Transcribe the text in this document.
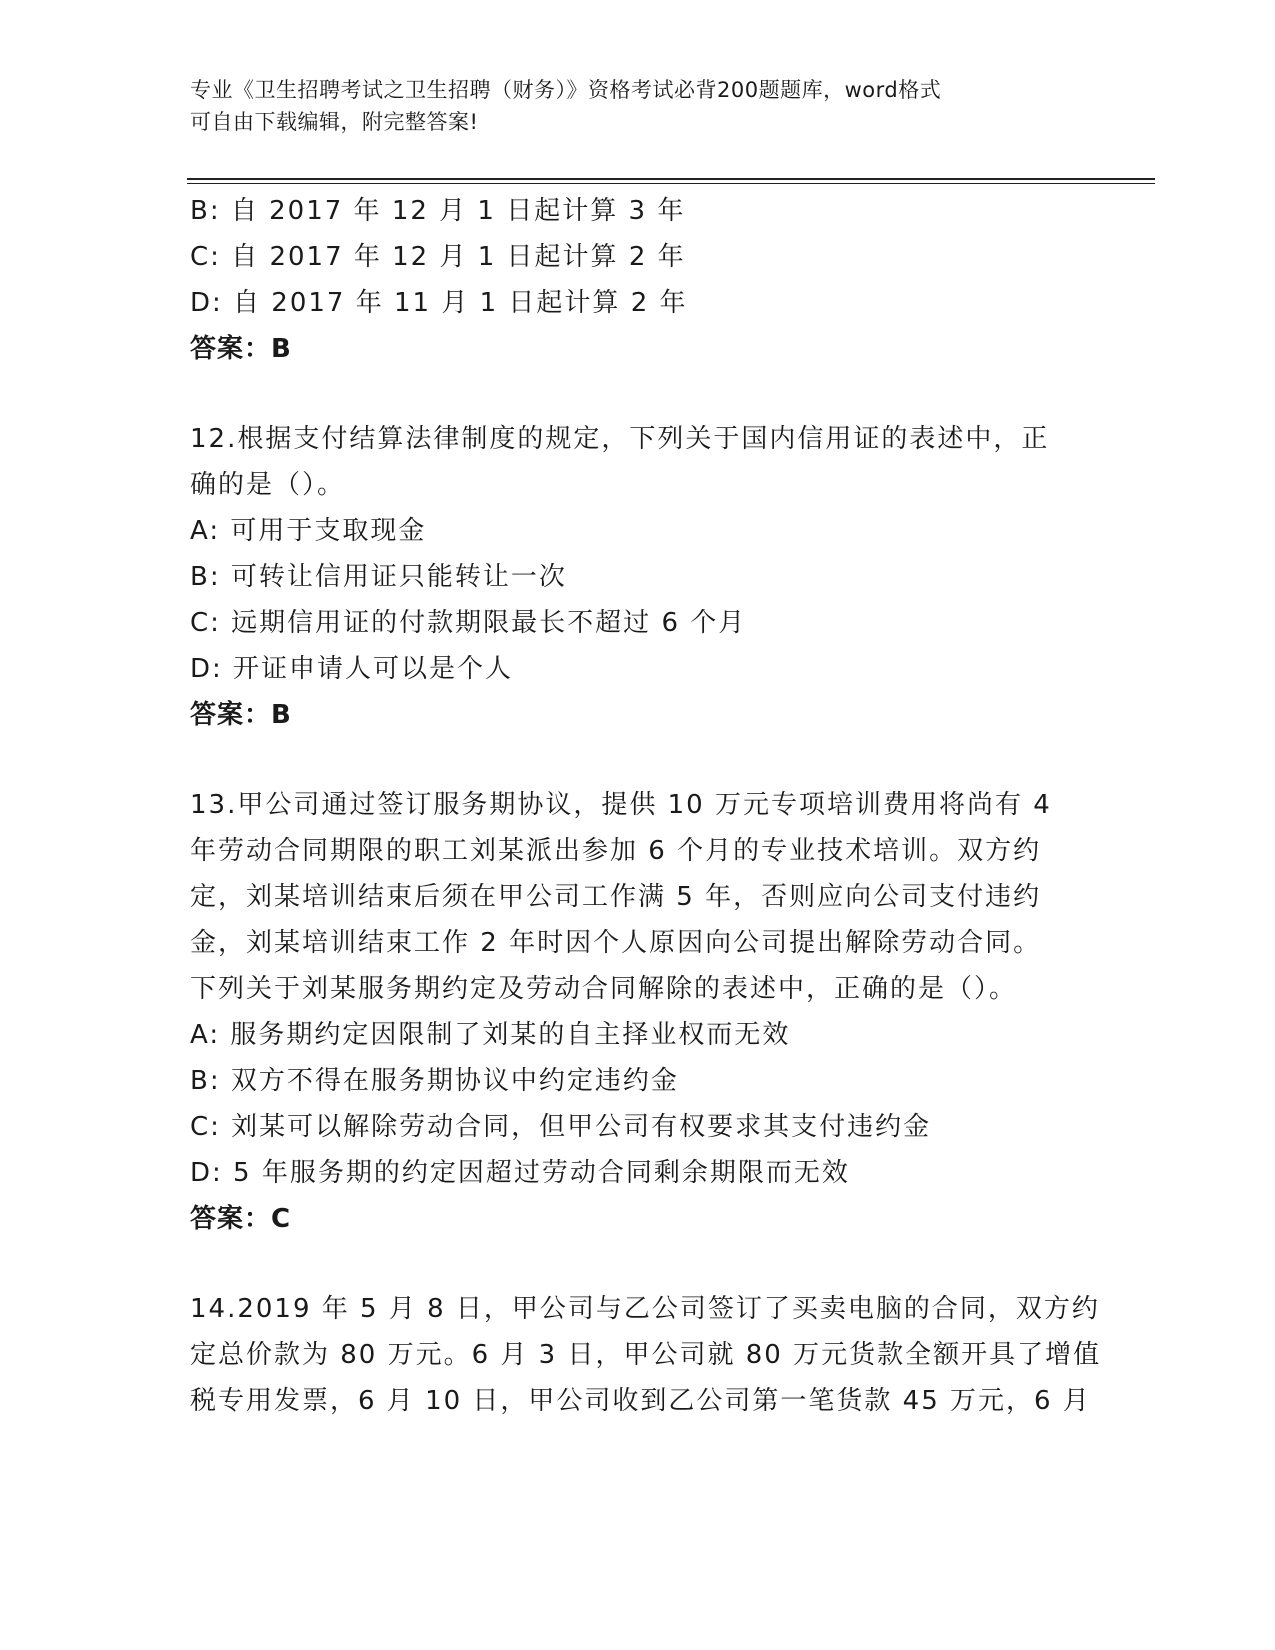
专业《卫生招聘考试之卫生招聘（财务）》资格考试必背200题题库，word格式
可自由下载编辑，附完整答案!
B: 自 2017 年 12 月 1 日起计算 3 年
C: 自 2017 年 12 月 1 日起计算 2 年
D: 自 2017 年 11 月 1 日起计算 2 年
答案：B
12.根据支付结算法律制度的规定，下列关于国内信用证的表述中，正
确的是（）。
A: 可用于支取现金
B: 可转让信用证只能转让一次
C: 远期信用证的付款期限最长不超过 6 个月
D: 开证申请人可以是个人
答案：B
13.甲公司通过签订服务期协议，提供 10 万元专项培训费用将尚有 4
年劳动合同期限的职工刘某派出参加 6 个月的专业技术培训。双方约
定，刘某培训结束后须在甲公司工作满 5 年，否则应向公司支付违约
金，刘某培训结束工作 2 年时因个人原因向公司提出解除劳动合同。
下列关于刘某服务期约定及劳动合同解除的表述中，正确的是（）。
A: 服务期约定因限制了刘某的自主择业权而无效
B: 双方不得在服务期协议中约定违约金
C: 刘某可以解除劳动合同，但甲公司有权要求其支付违约金
D: 5 年服务期的约定因超过劳动合同剩余期限而无效
答案：C
14.2019 年 5 月 8 日，甲公司与乙公司签订了买卖电脑的合同，双方约
定总价款为 80 万元。6 月 3 日，甲公司就 80 万元货款全额开具了增值
税专用发票，6 月 10 日，甲公司收到乙公司第一笔货款 45 万元，6 月
